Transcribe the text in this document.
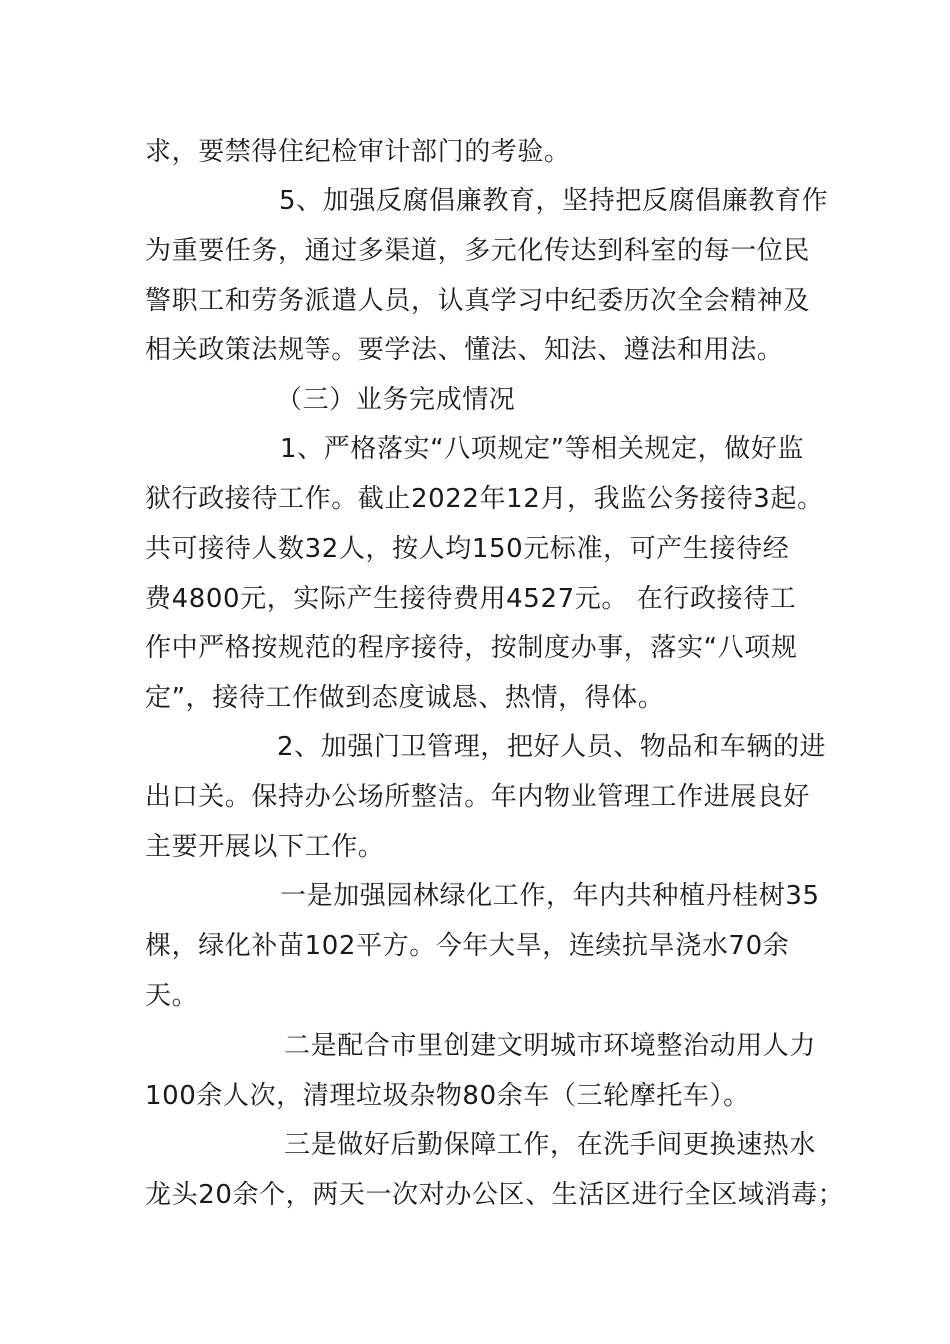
求，要禁得住纪检审计部门的考验。
5、加强反腐倡廉教育，坚持把反腐倡廉教育作
为重要任务，通过多渠道，多元化传达到科室的每一位民
警职工和劳务派遣人员，认真学习中纪委历次全会精神及
相关政策法规等。要学法、懂法、知法、遵法和用法。
（三）业务完成情况
1、严格落实“八项规定”等相关规定，做好监
狱行政接待工作。截止2022年12月，我监公务接待3起。
共可接待人数32人，按人均150元标准，可产生接待经
费4800元，实际产生接待费用4527元。 在行政接待工
作中严格按规范的程序接待，按制度办事，落实“八项规
定”，接待工作做到态度诚恳、热情，得体。
2、加强门卫管理，把好人员、物品和车辆的进
出口关。保持办公场所整洁。年内物业管理工作进展良好
主要开展以下工作。
一是加强园林绿化工作，年内共种植丹桂树35
棵，绿化补苗102平方。今年大旱，连续抗旱浇水70余
天。
二是配合市里创建文明城市环境整治动用人力
100余人次，清理垃圾杂物80余车（三轮摩托车）。
三是做好后勤保障工作，在洗手间更换速热水
龙头20余个，两天一次对办公区、生活区进行全区域消毒；
